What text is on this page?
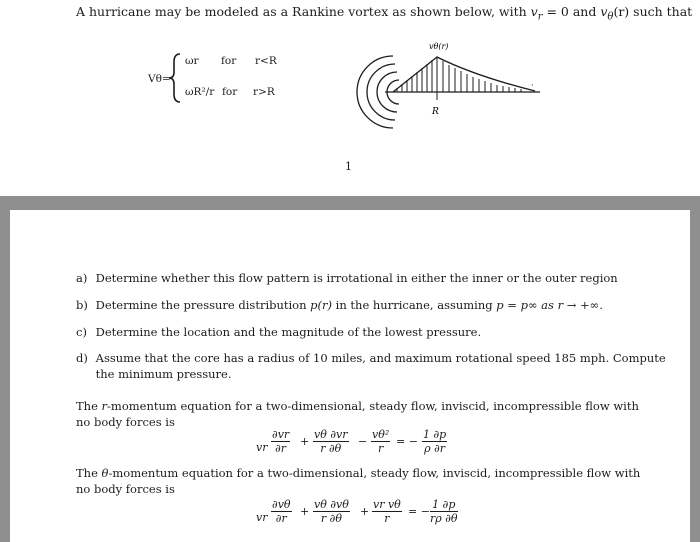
A hurricane may be modeled as a Rankine vortex as shown below, with $v_r = 0$ and $v_\theta(r)$ such that
Vθ=
ωr for r<R
ωR²/r for r>R
R
vθ(r)
·
1
a) Determine whether this flow pattern is irrotational in either the inner or the outer region
b) Determine the pressure distribution p(r) in the hurricane, assuming p = p∞ as r → +∞.
c) Determine the location and the magnitude of the lowest pressure.
d) Assume that the core has a radius of 10 miles, and maximum rotational speed 185 mph. Compute
the minimum pressure.
The r-momentum equation for a two-dimensional, steady flow, inviscid, incompressible flow with
no body forces is
vr $\frac{\partial vr}{\partial r} + \frac{v\theta \partial vr}{r \partial\theta} - \frac{\text{vθ²}}{r}$ = − $\frac{1 \partial p}{\rho \partial r}$
The θ-momentum equation for a two-dimensional, steady flow, inviscid, incompressible flow with
no body forces is
vr $\frac{\partial v\theta}{\partial r} + \frac{v\theta \partial v\theta}{r \partial\theta} + \frac{\text{vr vθ}}{r}$ = − $\frac{1 \partial p}{r\rho \partial\theta}$
